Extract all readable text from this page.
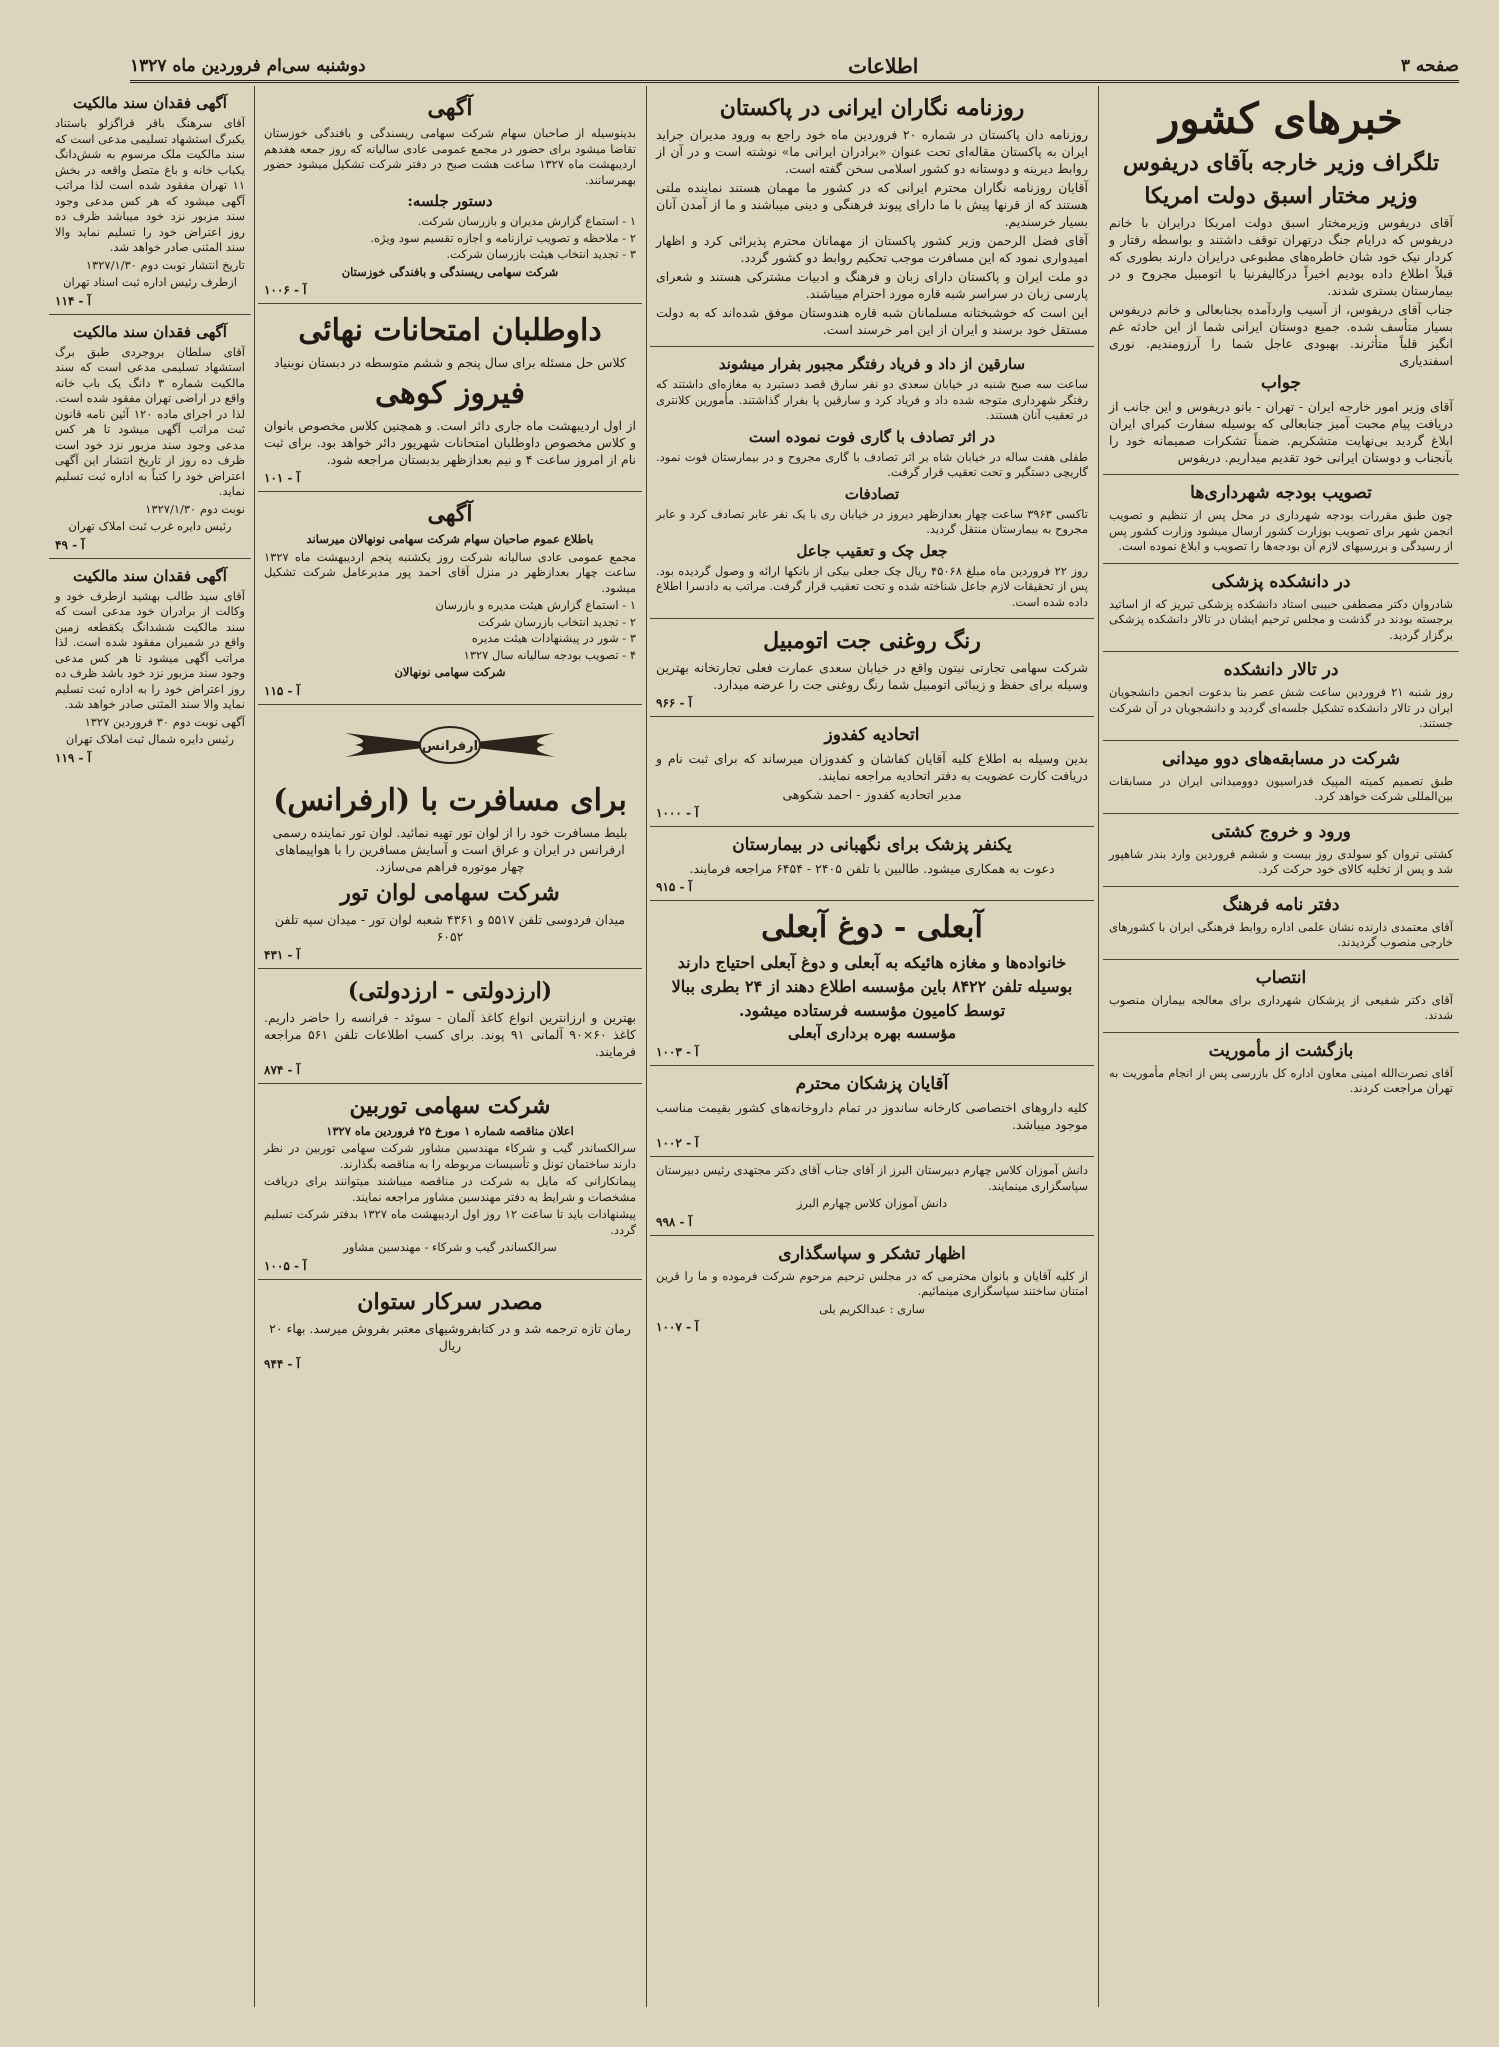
صفحه ۳
اطلاعات
دوشنبه سی‌ام فروردین ماه ۱۳۲۷
خبرهای کشور
تلگراف وزیر خارجه بآقای دریفوس
وزیر مختار اسبق دولت امریکا

آقای دریفوس وزیرمختار اسبق دولت امریکا درایران با خانم دریفوس که درایام جنگ درتهران توقف داشتند و بواسطه رفتار و کردار نیک خود شان خاطره‌های مطبوعی درایران دارند بطوری که قبلاً اطلاع داده بودیم اخیراً درکالیفرنیا با اتومبیل مجروح و در بیمارستان بستری شدند.

جناب آقای دریفوس، از آسیب واردآمده بجنابعالی و خانم دریفوس بسیار متأسف شده. جمیع دوستان ایرانی شما از این حادثه غم انگیز قلباً متأثرند. بهبودی عاجل شما را آرزومندیم. نوری اسفندیاری

جواب

آقای وزیر امور خارجه ایران - تهران - بانو دریفوس و این جانب از دریافت پیام محبت آمیز جنابعالی که بوسیله سفارت کبرای ایران ابلاغ گردید بی‌نهایت متشکریم. ضمناً تشکرات صمیمانه خود را بآنجناب و دوستان ایرانی خود تقدیم میداریم. دریفوس

تصویب بودجه شهرداری‌ها

چون طبق مقررات بودجه شهرداری در محل پس از تنظیم و تصویب انجمن شهر برای تصویب بوزارت کشور ارسال میشود وزارت کشور پس از رسیدگی و بررسیهای لازم آن بودجه‌ها را تصویب و ابلاغ نموده است.

در دانشکده پزشکی

شادروان دکتر مصطفی حبیبی استاد دانشکده پزشکی تبریز که از اساتید برجسته بودند در گذشت و مجلس ترحیم ایشان در تالار دانشکده پزشکی برگزار گردید.

در تالار دانشکده

روز شنبه ۲۱ فروردین ساعت شش عصر بنا بدعوت انجمن دانشجویان ایران در تالار دانشکده تشکیل جلسه‌ای گردید و دانشجویان در آن شرکت جستند.

شرکت در مسابقه‌های دوو میدانی

طبق تصمیم کمیته المپیک فدراسیون دوومیدانی ایران در مسابقات بین‌المللی شرکت خواهد کرد.

ورود و خروج کشتی

کشتی تروان کو سولدی روز بیست و ششم فروردین وارد بندر شاهپور شد و پس از تخلیه کالای خود حرکت کرد.

دفتر نامه فرهنگ

آقای معتمدی دارنده نشان علمی اداره روابط فرهنگی ایران با کشورهای خارجی منصوب گردیدند.

انتصاب

آقای دکتر شفیعی از پزشکان شهرداری برای معالجه بیماران منصوب شدند.

بازگشت از مأموریت

آقای نصرت‌الله امینی معاون اداره کل بازرسی پس از انجام مأموریت به تهران مراجعت کردند.

روزنامه نگاران ایرانی در پاکستان

روزنامه دان پاکستان در شماره ۲۰ فروردین ماه خود راجع به ورود مدیران جراید ایران به پاکستان مقاله‌ای تحت عنوان «برادران ایرانی ما» نوشته است و در آن از روابط دیرینه و دوستانه دو کشور اسلامی سخن گفته است.

آقایان روزنامه نگاران محترم ایرانی که در کشور ما مهمان هستند نماینده ملتی هستند که از قرنها پیش با ما دارای پیوند فرهنگی و دینی میباشند و ما از آمدن آنان بسیار خرسندیم.

آقای فضل الرحمن وزیر کشور پاکستان از مهمانان محترم پذیرائی کرد و اظهار امیدواری نمود که این مسافرت موجب تحکیم روابط دو کشور گردد.

دو ملت ایران و پاکستان دارای زبان و فرهنگ و ادبیات مشترکی هستند و شعرای پارسی زبان در سراسر شبه قاره مورد احترام میباشند.

این است که خوشبختانه مسلمانان شبه قاره هندوستان موفق شده‌اند که به دولت مستقل خود برسند و ایران از این امر خرسند است.

سارقین از داد و فریاد رفتگر مجبور بفرار میشوند

ساعت سه صبح شنبه در خیابان سعدی دو نفر سارق قصد دستبرد به مغازه‌ای داشتند که رفتگر شهرداری متوجه شده داد و فریاد کرد و سارقین پا بفرار گذاشتند. مأمورین کلانتری در تعقیب آنان هستند.

در اثر تصادف با گاری فوت نموده است

طفلی هفت ساله در خیابان شاه بر اثر تصادف با گاری مجروح و در بیمارستان فوت نمود. گاریچی دستگیر و تحت تعقیب قرار گرفت.

تصادفات

تاکسی ۳۹۶۳ ساعت چهار بعدازظهر دیروز در خیابان ری با یک نفر عابر تصادف کرد و عابر مجروح به بیمارستان منتقل گردید.

جعل چک و تعقیب جاعل

روز ۲۲ فروردین ماه مبلغ ۴۵۰۶۸ ریال چک جعلی بیکی از بانکها ارائه و وصول گردیده بود. پس از تحقیقات لازم جاعل شناخته شده و تحت تعقیب قرار گرفت. مراتب به دادسرا اطلاع داده شده است.

رنگ روغنی جت اتومبیل

شرکت سهامی تجارتی نیتون واقع در خیابان سعدی عمارت فعلی تجارتخانه بهترین وسیله برای حفظ و زیبائی اتومبیل شما رنگ روغنی جت را عرضه میدارد.

آ - ۹۶۶
اتحادیه کفدوز

بدین وسیله به اطلاع کلیه آقایان کفاشان و کفدوزان میرساند که برای ثبت نام و دریافت کارت عضویت به دفتر اتحادیه مراجعه نمایند.

مدیر اتحادیه کفدوز - احمد شکوهی

آ - ۱۰۰۰
یکنفر پزشک برای نگهبانی در بیمارستان

دعوت به همکاری میشود. طالبین با تلفن ۲۴۰۵ - ۶۴۵۴ مراجعه فرمایند.

آ - ۹۱۵
آبعلی - دوغ آبعلی

خانواده‌ها و مغازه هائیکه به آبعلی و دوغ آبعلی احتیاج دارند بوسیله تلفن ۸۴۲۲ باین مؤسسه اطلاع دهند از ۲۴ بطری ببالا توسط کامیون مؤسسه فرستاده میشود.

مؤسسه بهره برداری آبعلی

آ - ۱۰۰۳
آقایان پزشکان محترم

کلیه داروهای اختصاصی کارخانه ساندوز در تمام داروخانه‌های کشور بقیمت مناسب موجود میباشد.

آ - ۱۰۰۲

دانش آموزان کلاس چهارم دبیرستان البرز از آقای جناب آقای دکتر مجتهدی رئیس دبیرستان سپاسگزاری مینمایند.

دانش آموزان کلاس چهارم البرز

آ - ۹۹۸
اظهار تشکر و سپاسگذاری

از کلیه آقایان و بانوان محترمی که در مجلس ترحیم مرحوم شرکت فرموده و ما را قرین امتنان ساختند سپاسگزاری مینمائیم.

ساری : عبدالکریم یلی

آ - ۱۰۰۷
آگهی

بدینوسیله از صاحبان سهام شرکت سهامی ریسندگی و بافندگی خوزستان تقاضا میشود برای حضور در مجمع عمومی عادی سالیانه که روز جمعه هفدهم اردیبهشت ماه ۱۳۲۷ ساعت هشت صبح در دفتر شرکت تشکیل میشود حضور بهمرسانند.

دستور جلسه:

۱ - استماع گزارش مدیران و بازرسان شرکت.

۲ - ملاحظه و تصویب ترازنامه و اجازه تقسیم سود ویژه.

۳ - تجدید انتخاب هیئت بازرسان شرکت.

شرکت سهامی ریسندگی و بافندگی خوزستان

آ - ۱۰۰۶
داوطلبان امتحانات نهائی

کلاس حل مسئله برای سال پنجم و ششم متوسطه در دبستان نوبنیاد

فیروز کوهی

از اول اردیبهشت ماه جاری دائر است. و همچنین کلاس مخصوص بانوان و کلاس مخصوص داوطلبان امتحانات شهریور دائر خواهد بود. برای ثبت نام از امروز ساعت ۴ و نیم بعدازظهر بدبستان مراجعه شود.

آ - ۱۰۱
آگهی

باطلاع عموم صاحبان سهام شرکت سهامی نونهالان میرساند

مجمع عمومی عادی سالیانه شرکت روز یکشنبه پنجم اردیبهشت ماه ۱۳۲۷ ساعت چهار بعدازظهر در منزل آقای احمد پور مدیرعامل شرکت تشکیل میشود.

۱ - استماع گزارش هیئت مدیره و بازرسان

۲ - تجدید انتخاب بازرسان شرکت

۳ - شور در پیشنهادات هیئت مدیره

۴ - تصویب بودجه سالیانه سال ۱۳۲۷

شرکت سهامی نونهالان

آ - ۱۱۵
ارفرانس
برای مسافرت با (ارفرانس)

بلیط مسافرت خود را از لوان تور تهیه نمائید. لوان تور نماینده رسمی ارفرانس در ایران و عراق است و آسایش مسافرین را با هواپیماهای چهار موتوره فراهم می‌سازد.

شرکت سهامی لوان تور

میدان فردوسی تلفن ۵۵۱۷ و ۴۳۶۱ شعبه لوان تور - میدان سپه تلفن ۶۰۵۲

آ - ۴۳۱
(ارزدولتی - ارزدولتی)

بهترین و ارزانترین انواع کاغذ آلمان - سوئد - فرانسه را حاضر داریم. کاغذ ۶۰×۹۰ آلمانی ۹۱ پوند. برای کسب اطلاعات تلفن ۵۶۱ مراجعه فرمایند.

آ - ۸۷۴
شرکت سهامی توربین

اعلان مناقصه شماره ۱ مورخ ۲۵ فروردین ماه ۱۳۲۷

سرالکساندر گیب و شرکاء مهندسین مشاور شرکت سهامی توربین در نظر دارند ساختمان تونل و تأسیسات مربوطه را به مناقصه بگذارند.

پیمانکارانی که مایل به شرکت در مناقصه میباشند میتوانند برای دریافت مشخصات و شرایط به دفتر مهندسین مشاور مراجعه نمایند.

پیشنهادات باید تا ساعت ۱۲ روز اول اردیبهشت ماه ۱۳۲۷ بدفتر شرکت تسلیم گردد.

سرالکساندر گیب و شرکاء - مهندسین مشاور

آ - ۱۰۰۵
مصدر سرکار ستوان

رمان تازه ترجمه شد و در کتابفروشیهای معتبر بفروش میرسد. بهاء ۲۰ ریال

آ - ۹۴۴
آگهی فقدان سند مالکیت

آقای سرهنگ باقر قراگزلو باستناد یکبرگ استشهاد تسلیمی مدعی است که سند مالکیت ملک مرسوم به شش‌دانگ یکباب خانه و باغ متصل واقعه در بخش ۱۱ تهران مفقود شده است لذا مراتب آگهی میشود که هر کس مدعی وجود سند مزبور نزد خود میباشد ظرف ده روز اعتراض خود را تسلیم نماید والا سند المثنی صادر خواهد شد.

تاریخ انتشار نوبت دوم ۱۳۲۷/۱/۳۰

ازطرف رئیس اداره ثبت اسناد تهران

آ - ۱۱۴
آگهی فقدان سند مالکیت

آقای سلطان بروجردی طبق برگ استشهاد تسلیمی مدعی است که سند مالکیت شماره ۳ دانگ یک باب خانه واقع در اراضی تهران مفقود شده است. لذا در اجرای ماده ۱۲۰ آئین نامه قانون ثبت مراتب آگهی میشود تا هر کس مدعی وجود سند مزبور نزد خود است ظرف ده روز از تاریخ انتشار این آگهی اعتراض خود را کتباً به اداره ثبت تسلیم نماید.

نوبت دوم ۱۳۲۷/۱/۳۰

رئیس دایره غرب ثبت املاک تهران

آ - ۴۹
آگهی فقدان سند مالکیت

آقای سید طالب بهشید ازطرف خود و وکالت از برادران خود مدعی است که سند مالکیت ششدانگ یکقطعه زمین واقع در شمیران مفقود شده است. لذا مراتب آگهی میشود تا هر کس مدعی وجود سند مزبور نزد خود باشد ظرف ده روز اعتراض خود را به اداره ثبت تسلیم نماید والا سند المثنی صادر خواهد شد.

آگهی نوبت دوم ۳۰ فروردین ۱۳۲۷

رئیس دایره شمال ثبت املاک تهران

آ - ۱۱۹
